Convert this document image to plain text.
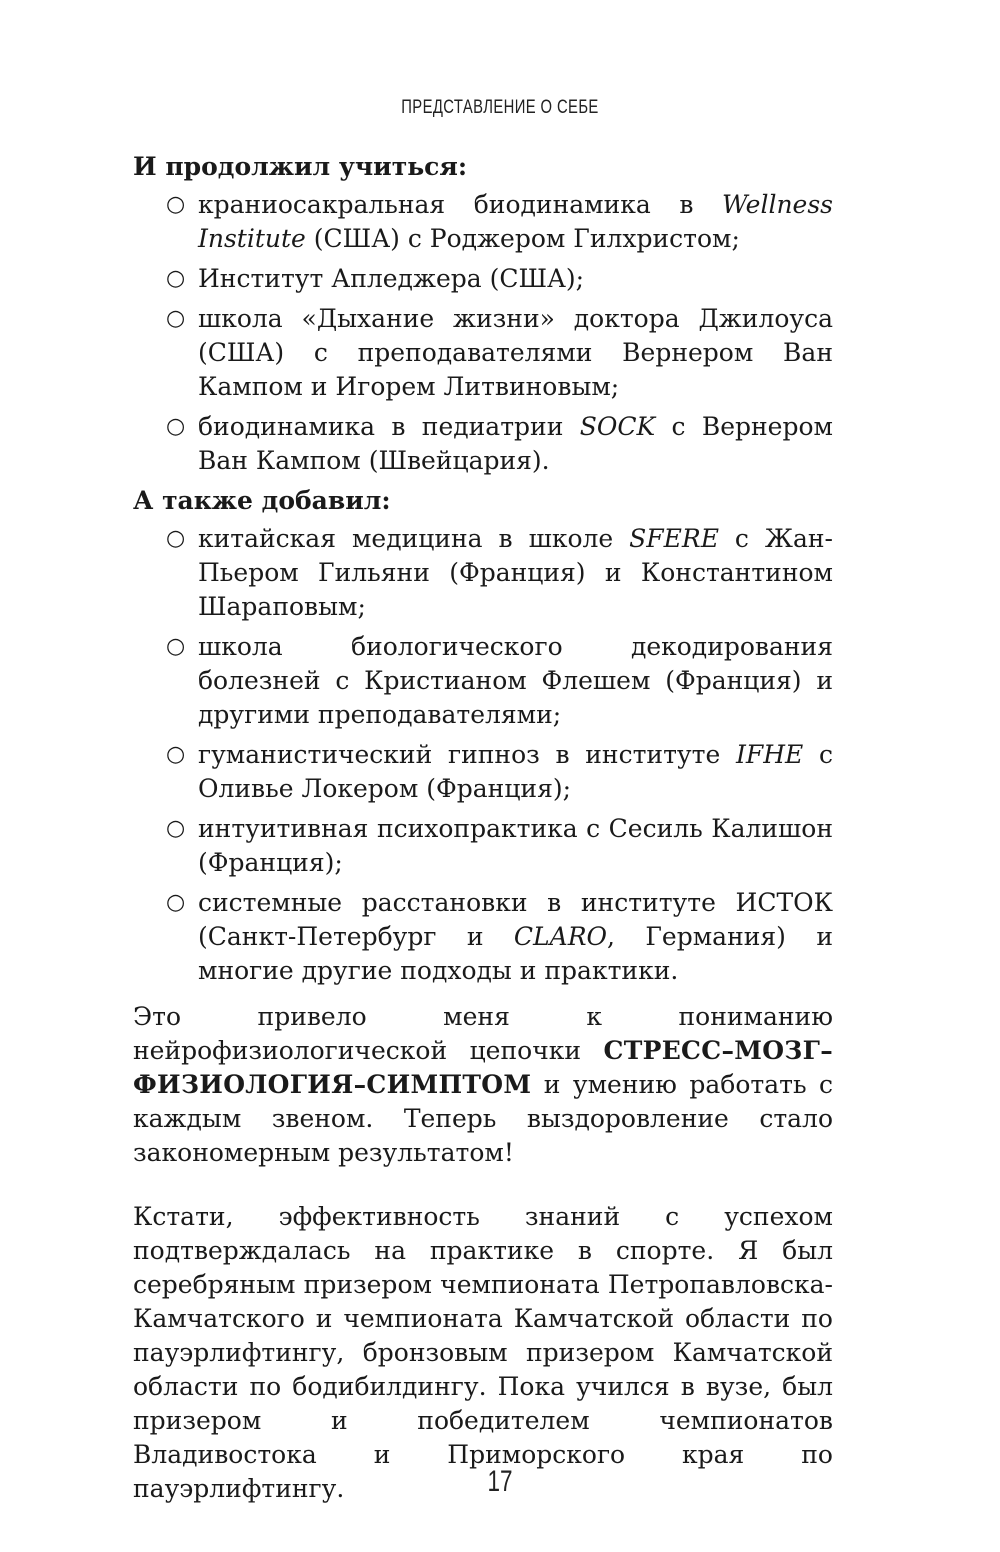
ПРЕДСТАВЛЕНИЕ О СЕБЕ

И продолжил учиться:

○ краниосакральная биодинамика в Wellness Institute (США) с Роджером Гилхристом;
○ Институт Апледжера (США);
○ школа «Дыхание жизни» доктора Джилоуса (США) с преподавателями Вернером Ван Кампом и Игорем Литвиновым;
○ биодинамика в педиатрии SOCK с Вернером Ван Кампом (Швейцария).

А также добавил:

○ китайская медицина в школе SFERE с Жан-Пьером Гильяни (Франция) и Константином Шараповым;
○ школа биологического декодирования болезней с Кристианом Флешем (Франция) и другими преподавателями;
○ гуманистический гипноз в институте IFHE с Оливье Локером (Франция);
○ интуитивная психопрактика с Сесиль Калишон (Франция);
○ системные расстановки в институте ИСТОК (Санкт-Петербург и CLARO, Германия) и многие другие подходы и практики.

Это привело меня к пониманию нейрофизиологической цепочки СТРЕСС–МОЗГ–ФИЗИОЛОГИЯ–СИМПТОМ и умению работать с каждым звеном. Теперь выздоровление стало закономерным результатом!

Кстати, эффективность знаний с успехом подтверждалась на практике в спорте. Я был серебряным призером чемпионата Петропавловска-Камчатского и чемпионата Камчатской области по пауэрлифтингу, бронзовым призером Камчатской области по бодибилдингу. Пока учился в вузе, был призером и победителем чемпионатов Владивостока и Приморского края по пауэрлифтингу.	17
